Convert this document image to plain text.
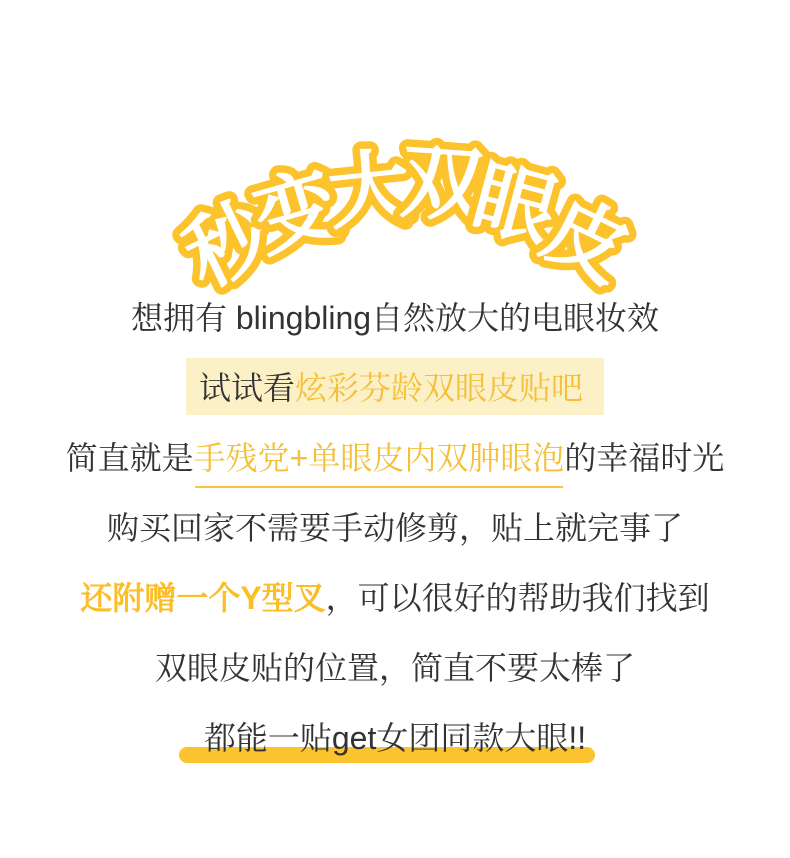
秒
变
大
双
眼
皮
想拥有 blingbling自然放大的电眼妆效
试试看炫彩芬龄双眼皮贴吧
简直就是 手残党+单眼皮内双肿眼泡 的幸福时光
购买回家不需要手动修剪，贴上就完事了
还附赠一个Y型叉 ，可以很好的帮助我们找到
双眼皮贴的位置，简直不要太棒了
都能一贴get女团同款大眼!!
